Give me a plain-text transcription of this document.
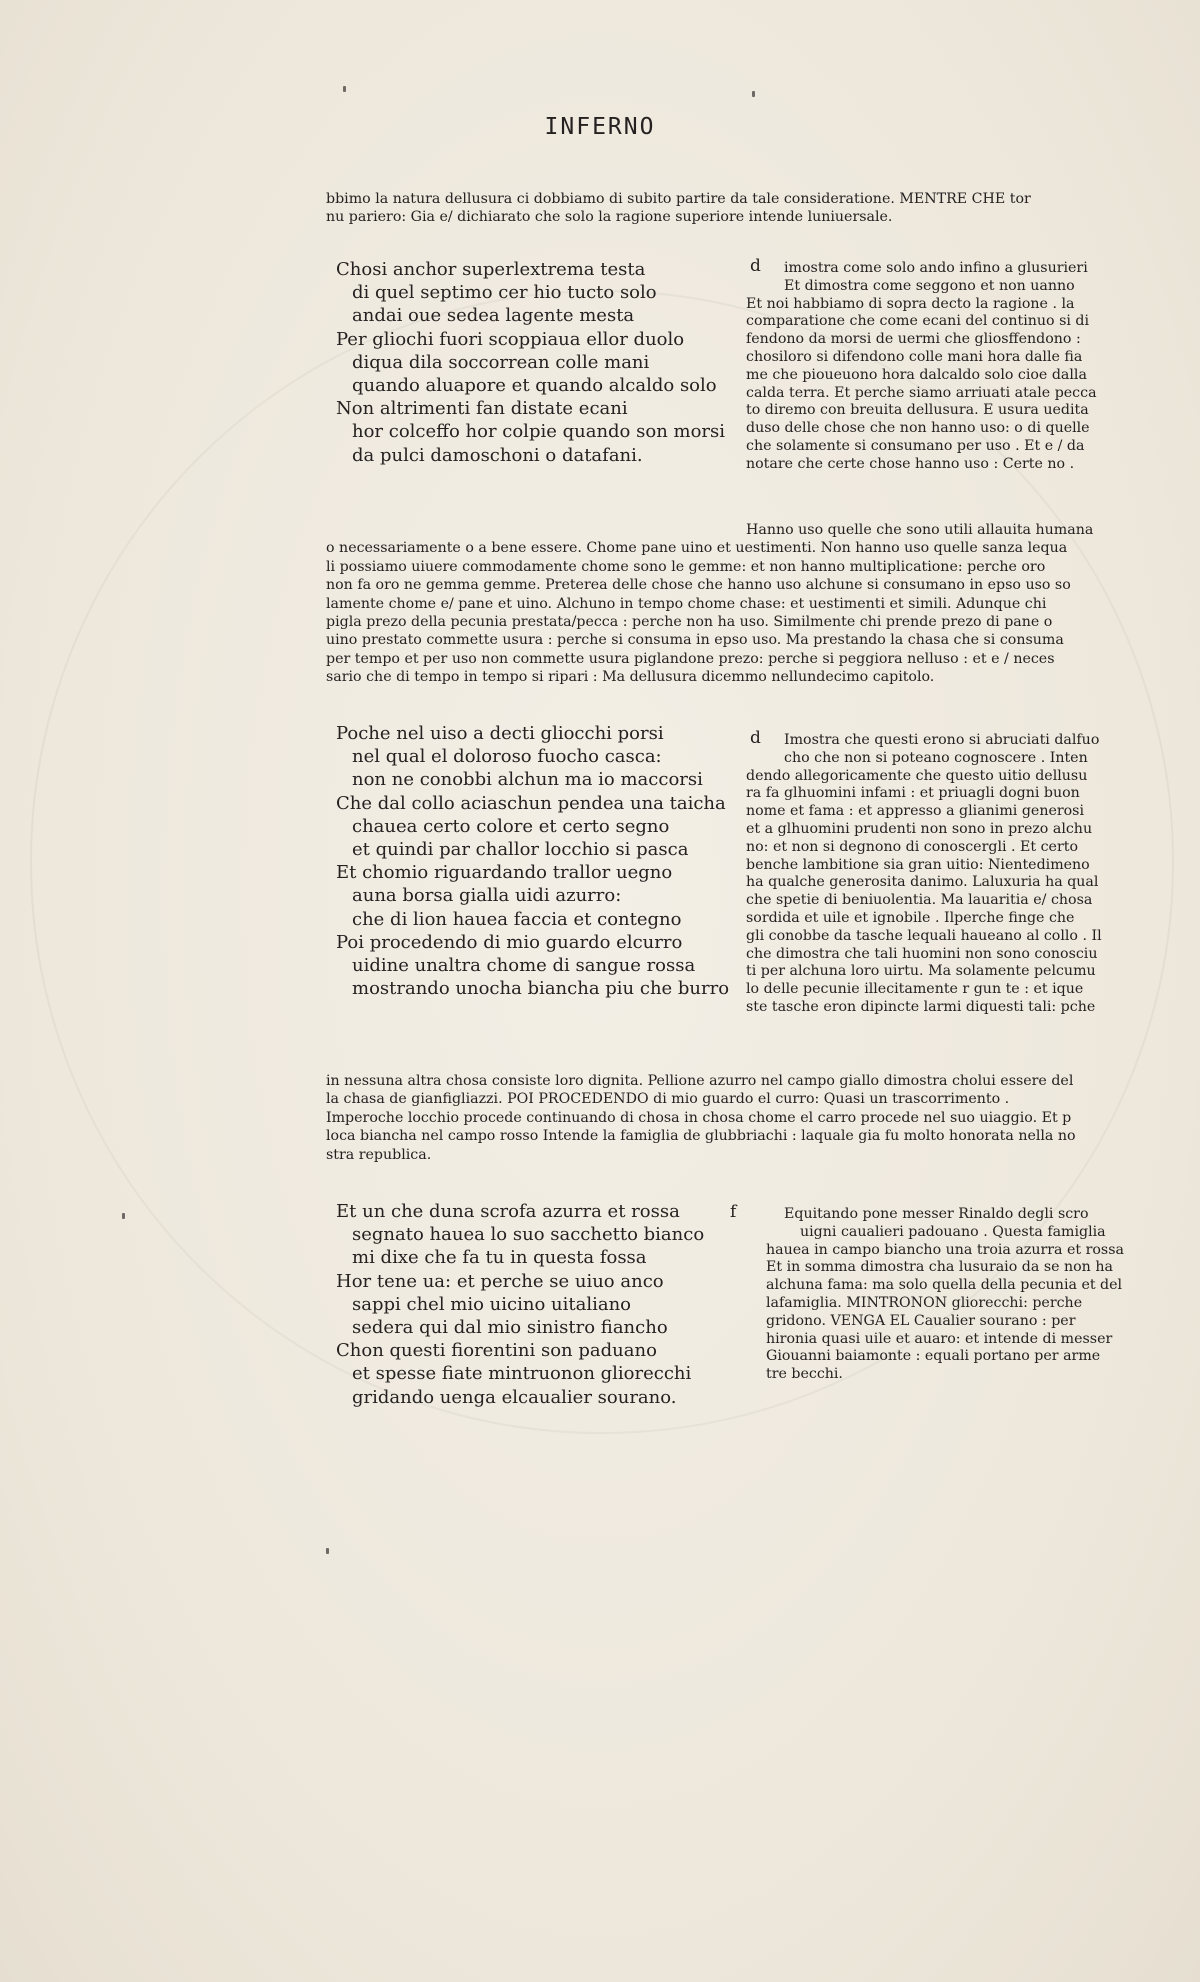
INFERNO
bbimo la natura dellusura ci dobbiamo di subito partire da tale consideratione. MENTRE CHE tor
nu pariero: Gia e/ dichiarato che solo la ragione superiore intende luniuersale.
Chosi anchor superlextrema testa
di quel septimo cer hio tucto solo
andai oue sedea lagente mesta
Per gliochi fuori scoppiaua ellor duolo
diqua dila soccorrean colle mani
quando aluapore et quando alcaldo solo
Non altrimenti fan distate ecani
hor colceffo hor colpie quando son morsi
da pulci damoschoni o datafani.
d	imostra come solo ando infino a glusurieri
Et dimostra come seggono et non uanno
Et noi habbiamo di sopra decto la ragione . la
comparatione che come ecani del continuo si di
fendono da morsi de uermi che gliosffendono :
chosiloro si difendono colle mani hora dalle fia
me che pioueuono hora dalcaldo solo cioe dalla
calda terra. Et perche siamo arriuati atale pecca
to diremo con breuita dellusura. E usura uedita
duso delle chose che non hanno uso: o di quelle
che solamente si consumano per uso . Et e / da
notare che certe chose hanno uso : Certe no .
Hanno uso quelle che sono utili allauita humana
o necessariamente o a bene essere. Chome pane uino et uestimenti. Non hanno uso quelle sanza lequa
li possiamo uiuere commodamente chome sono le gemme: et non hanno multiplicatione: perche oro
non fa oro ne gemma gemme. Preterea delle chose che hanno uso alchune si consumano in epso uso so
lamente chome e/ pane et uino. Alchuno in tempo chome chase: et uestimenti et simili. Adunque chi
pigla prezo della pecunia prestata/pecca : perche non ha uso. Similmente chi prende prezo di pane o
uino prestato commette usura : perche si consuma in epso uso. Ma prestando la chasa che si consuma
per tempo et per uso non commette usura piglandone prezo: perche si peggiora nelluso : et e / neces
sario che di tempo in tempo si ripari : Ma dellusura dicemmo nellundecimo capitolo.
Poche nel uiso a decti gliocchi porsi
nel qual el doloroso fuocho casca:
non ne conobbi alchun ma io maccorsi
Che dal collo aciaschun pendea una taicha
chauea certo colore et certo segno
et quindi par challor locchio si pasca
Et chomio riguardando trallor uegno
auna borsa gialla uidi azurro:
che di lion hauea faccia et contegno
Poi procedendo di mio guardo elcurro
uidine unaltra chome di sangue rossa
mostrando unocha biancha piu che burro
d	Imostra che questi erono si abruciati dalfuo
cho che non si poteano cognoscere . Inten
dendo allegoricamente che questo uitio dellusu
ra fa glhuomini infami : et priuagli dogni buon
nome et fama : et appresso a glianimi generosi
et a glhuomini prudenti non sono in prezo alchu
no: et non si degnono di conoscergli . Et certo
benche lambitione sia gran uitio: Nientedimeno
ha qualche generosita danimo. Laluxuria ha qual
che spetie di beniuolentia. Ma lauaritia e/ chosa
sordida et uile et ignobile . Ilperche finge che
gli conobbe da tasche lequali haueano al collo . Il
che dimostra che tali huomini non sono conosciu
ti per alchuna loro uirtu. Ma solamente pelcumu
lo delle pecunie illecitamente r gun te : et ique
ste tasche eron dipincte larmi diquesti tali: pche
in nessuna altra chosa consiste loro dignita. Pellione azurro nel campo giallo dimostra cholui essere del
la chasa de gianfigliazzi. POI PROCEDENDO di mio guardo el curro: Quasi un trascorrimento .
Imperoche locchio procede continuando di chosa in chosa chome el carro procede nel suo uiaggio. Et p
loca biancha nel campo rosso Intende la famiglia de glubbriachi : laquale gia fu molto honorata nella no
stra republica.
Et un che duna scrofa azurra et rossa
segnato hauea lo suo sacchetto bianco
mi dixe che fa tu in questa fossa
Hor tene ua: et perche se uiuo anco
sappi chel mio uicino uitaliano
sedera qui dal mio sinistro fiancho
Chon questi fiorentini son paduano
et spesse fiate mintruonon gliorecchi
gridando uenga elcaualier sourano.
f	Equitando pone messer Rinaldo degli scro
uigni caualieri padouano . Questa famiglia
hauea in campo biancho una troia azurra et rossa
Et in somma dimostra cha lusuraio da se non ha
alchuna fama: ma solo quella della pecunia et del
lafamiglia. MINTRONON gliorecchi: perche
gridono. VENGA EL Caualier sourano : per
hironia quasi uile et auaro: et intende di messer
Giouanni baiamonte : equali portano per arme
tre becchi.
